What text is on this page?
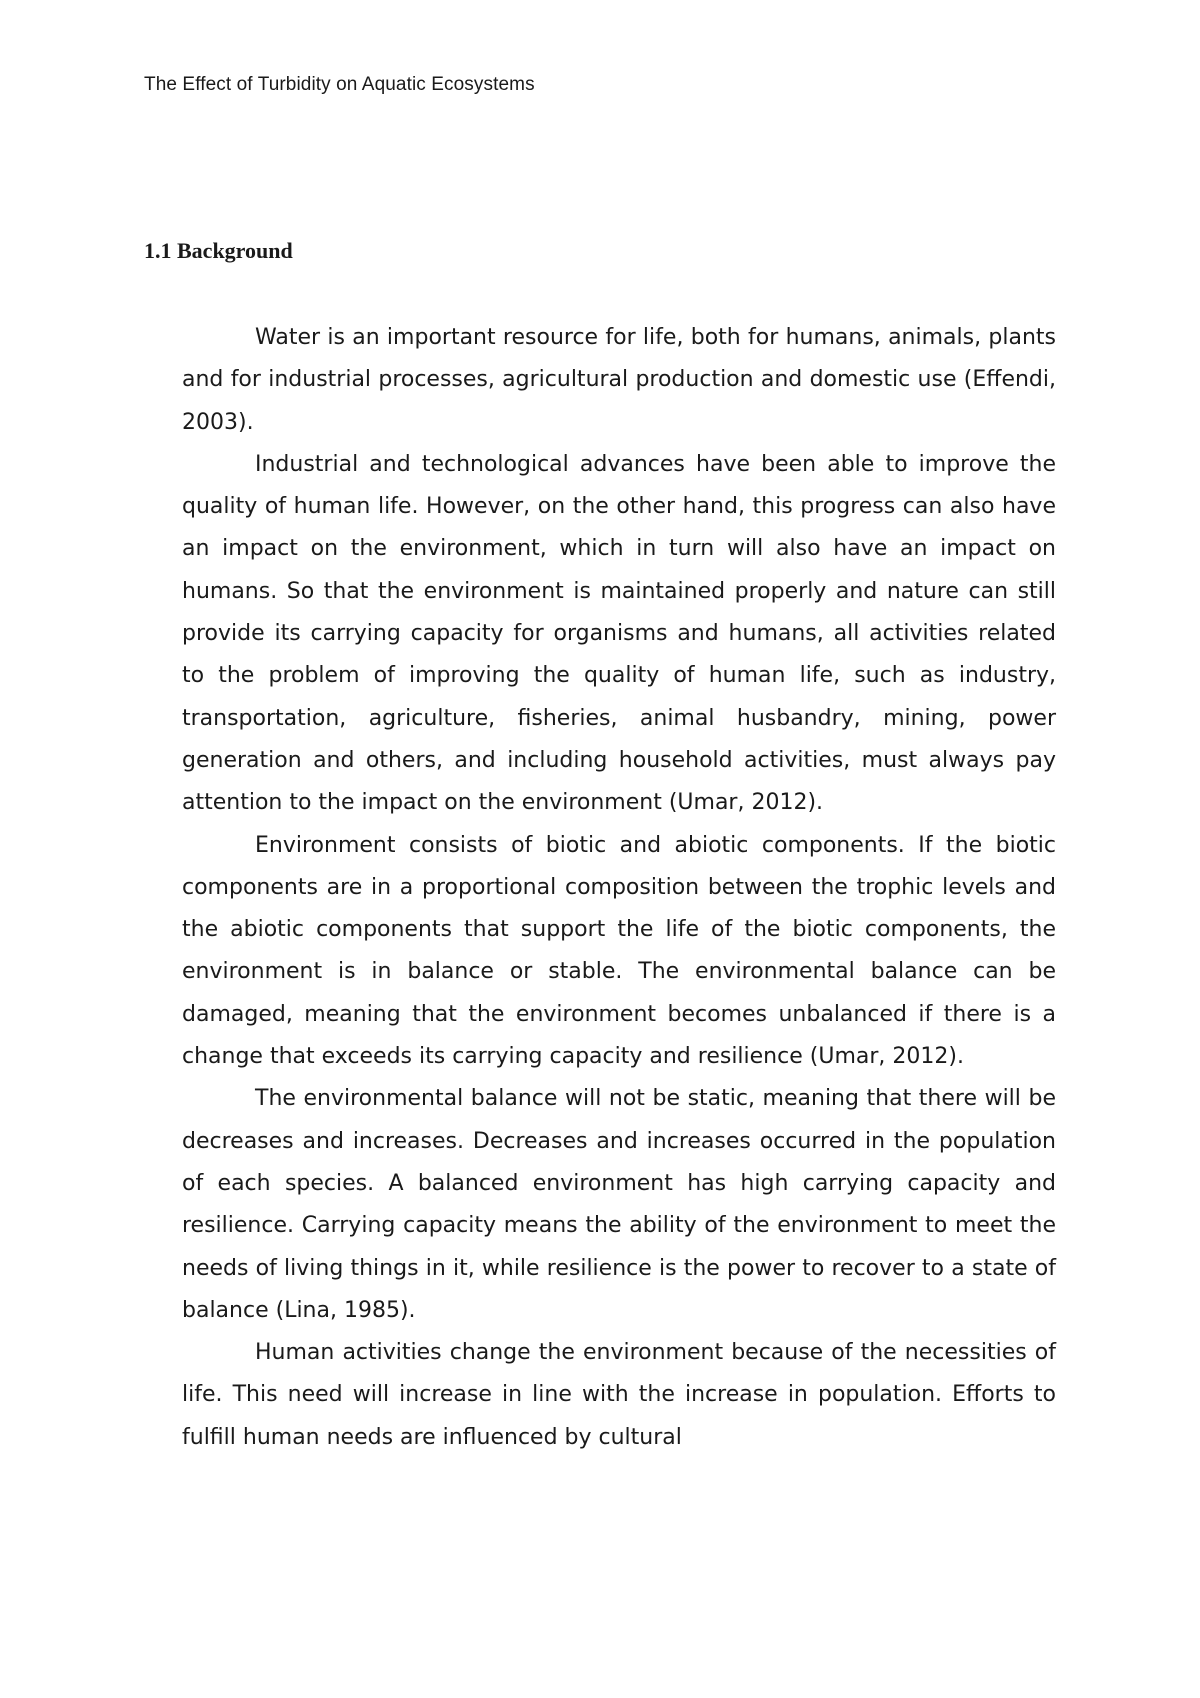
The Effect of Turbidity on Aquatic Ecosystems
1.1 Background

Water is an important resource for life, both for humans, animals, plants and for industrial processes, agricultural production and domestic use (Effendi, 2003).

Industrial and technological advances have been able to improve the quality of human life. However, on the other hand, this progress can also have an impact on the environment, which in turn will also have an impact on humans. So that the environment is maintained properly and nature can still provide its carrying capacity for organisms and humans, all activities related to the problem of improving the quality of human life, such as industry, transportation, agriculture, fisheries, animal husbandry, mining, power generation and others, and including household activities, must always pay attention to the impact on the environment (Umar, 2012).

Environment consists of biotic and abiotic components. If the biotic components are in a proportional composition between the trophic levels and the abiotic components that support the life of the biotic components, the environment is in balance or stable. The environmental balance can be damaged, meaning that the environment becomes unbalanced if there is a change that exceeds its carrying capacity and resilience (Umar, 2012).

The environmental balance will not be static, meaning that there will be decreases and increases. Decreases and increases occurred in the population of each species. A balanced environment has high carrying capacity and resilience. Carrying capacity means the ability of the environment to meet the needs of living things in it, while resilience is the power to recover to a state of balance (Lina, 1985).

Human activities change the environment because of the necessities of life. This need will increase in line with the increase in population. Efforts to fulfill human needs are influenced by cultural
